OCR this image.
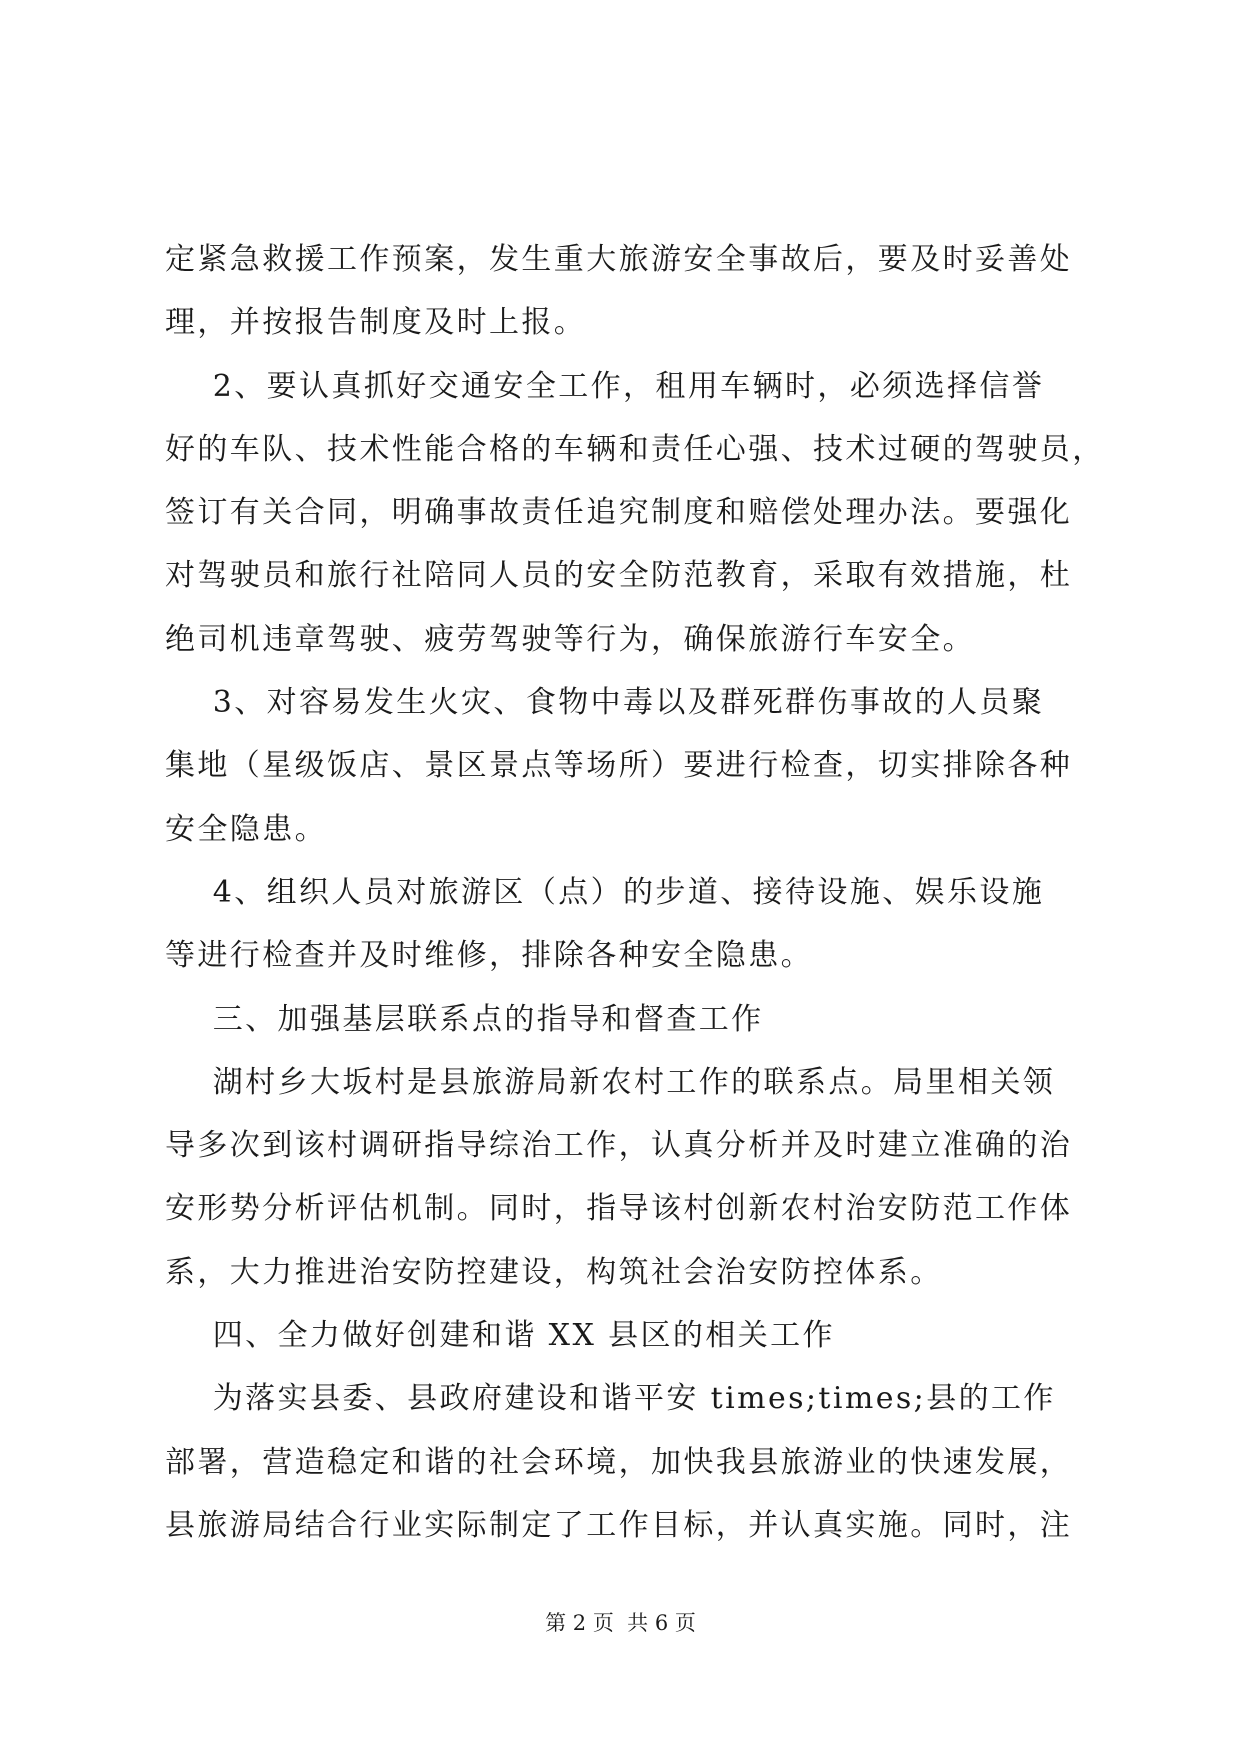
定紧急救援工作预案，发生重大旅游安全事故后，要及时妥善处
理，并按报告制度及时上报。
2、要认真抓好交通安全工作，租用车辆时，必须选择信誉
好的车队、技术性能合格的车辆和责任心强、技术过硬的驾驶员，
签订有关合同，明确事故责任追究制度和赔偿处理办法。要强化
对驾驶员和旅行社陪同人员的安全防范教育，采取有效措施，杜
绝司机违章驾驶、疲劳驾驶等行为，确保旅游行车安全。
3、对容易发生火灾、食物中毒以及群死群伤事故的人员聚
集地（星级饭店、景区景点等场所）要进行检查，切实排除各种
安全隐患。
4、组织人员对旅游区（点）的步道、接待设施、娱乐设施
等进行检查并及时维修，排除各种安全隐患。
三、加强基层联系点的指导和督查工作
湖村乡大坂村是县旅游局新农村工作的联系点。局里相关领
导多次到该村调研指导综治工作，认真分析并及时建立准确的治
安形势分析评估机制。同时，指导该村创新农村治安防范工作体
系，大力推进治安防控建设，构筑社会治安防控体系。
四、全力做好创建和谐 XX 县区的相关工作
为落实县委、县政府建设和谐平安 times;times;县的工作
部署，营造稳定和谐的社会环境，加快我县旅游业的快速发展，
县旅游局结合行业实际制定了工作目标，并认真实施。同时，注
第 2 页  共 6 页
